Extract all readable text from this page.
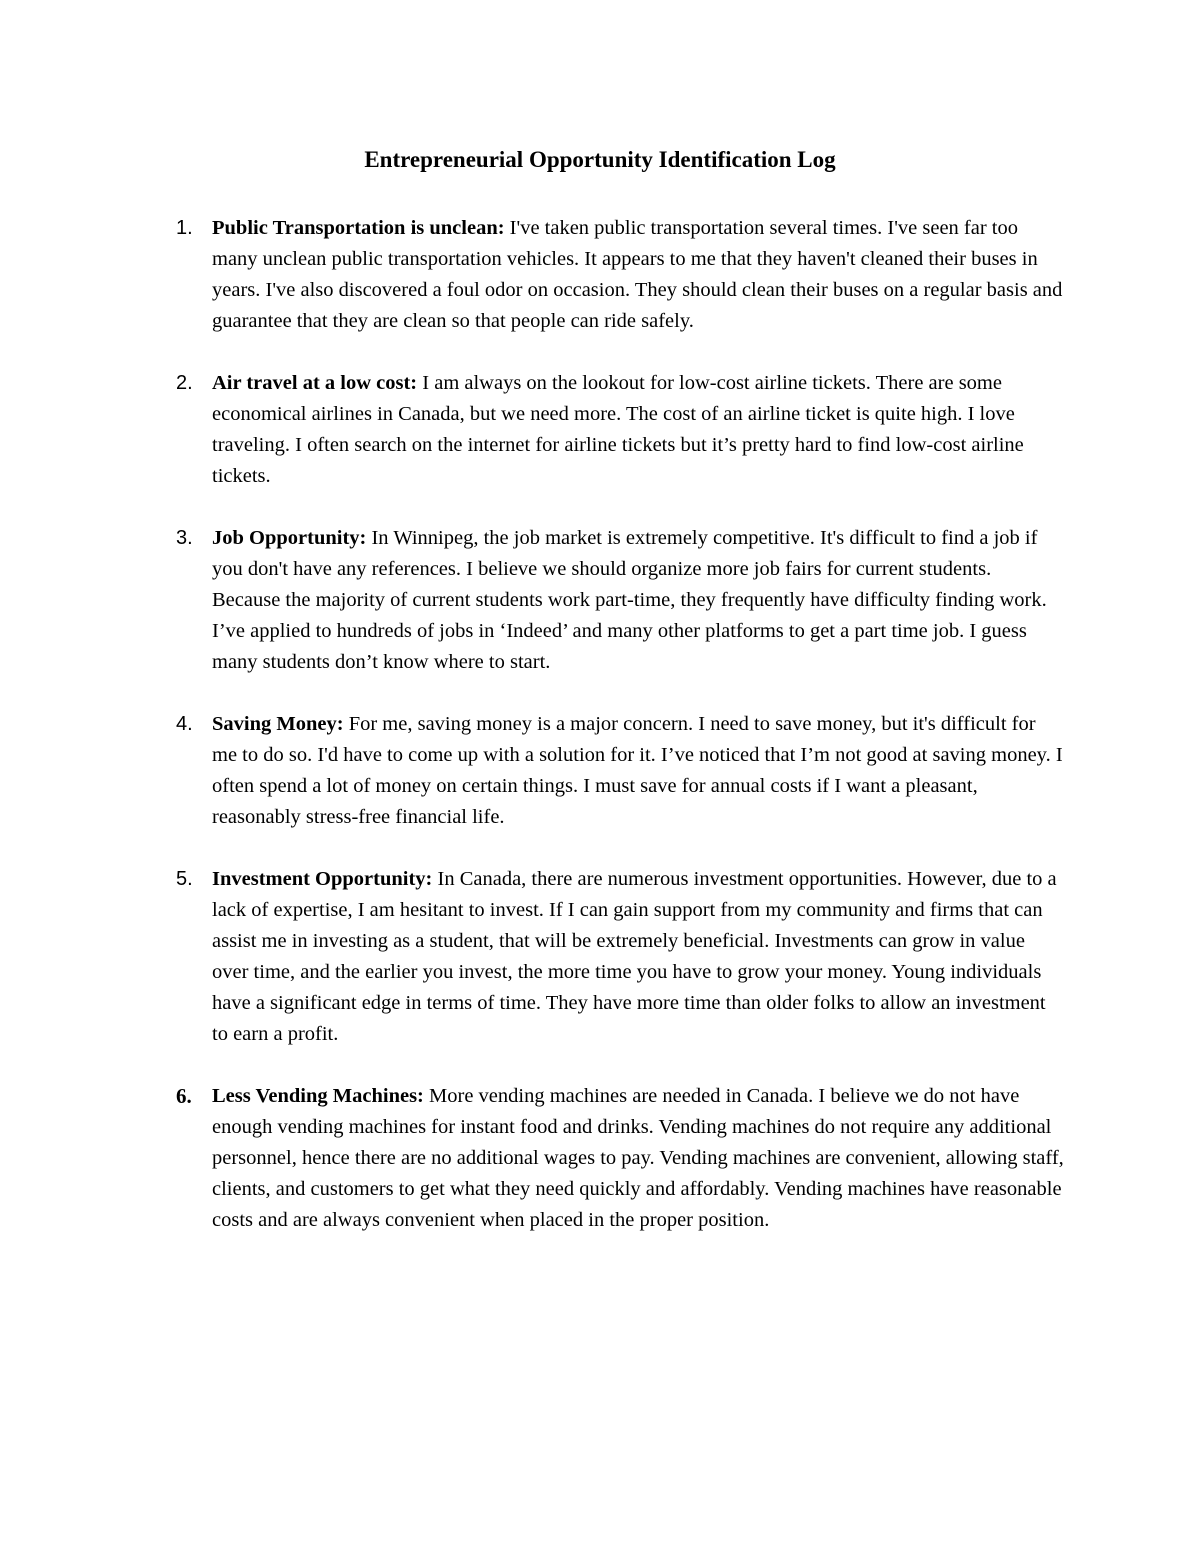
Entrepreneurial Opportunity Identification Log
1. Public Transportation is unclean: I've taken public transportation several times. I've seen far too many unclean public transportation vehicles. It appears to me that they haven't cleaned their buses in years. I've also discovered a foul odor on occasion. They should clean their buses on a regular basis and guarantee that they are clean so that people can ride safely.
2. Air travel at a low cost: I am always on the lookout for low-cost airline tickets. There are some economical airlines in Canada, but we need more. The cost of an airline ticket is quite high. I love traveling. I often search on the internet for airline tickets but it’s pretty hard to find low-cost airline tickets.
3. Job Opportunity: In Winnipeg, the job market is extremely competitive. It's difficult to find a job if you don't have any references. I believe we should organize more job fairs for current students. Because the majority of current students work part-time, they frequently have difficulty finding work. I’ve applied to hundreds of jobs in ‘Indeed’ and many other platforms to get a part time job. I guess many students don’t know where to start.
4. Saving Money: For me, saving money is a major concern. I need to save money, but it's difficult for me to do so. I'd have to come up with a solution for it. I’ve noticed that I’m not good at saving money. I often spend a lot of money on certain things. I must save for annual costs if I want a pleasant, reasonably stress-free financial life.
5. Investment Opportunity: In Canada, there are numerous investment opportunities. However, due to a lack of expertise, I am hesitant to invest. If I can gain support from my community and firms that can assist me in investing as a student, that will be extremely beneficial. Investments can grow in value over time, and the earlier you invest, the more time you have to grow your money. Young individuals have a significant edge in terms of time. They have more time than older folks to allow an investment to earn a profit.
6. Less Vending Machines: More vending machines are needed in Canada. I believe we do not have enough vending machines for instant food and drinks. Vending machines do not require any additional personnel, hence there are no additional wages to pay. Vending machines are convenient, allowing staff, clients, and customers to get what they need quickly and affordably. Vending machines have reasonable costs and are always convenient when placed in the proper position.
